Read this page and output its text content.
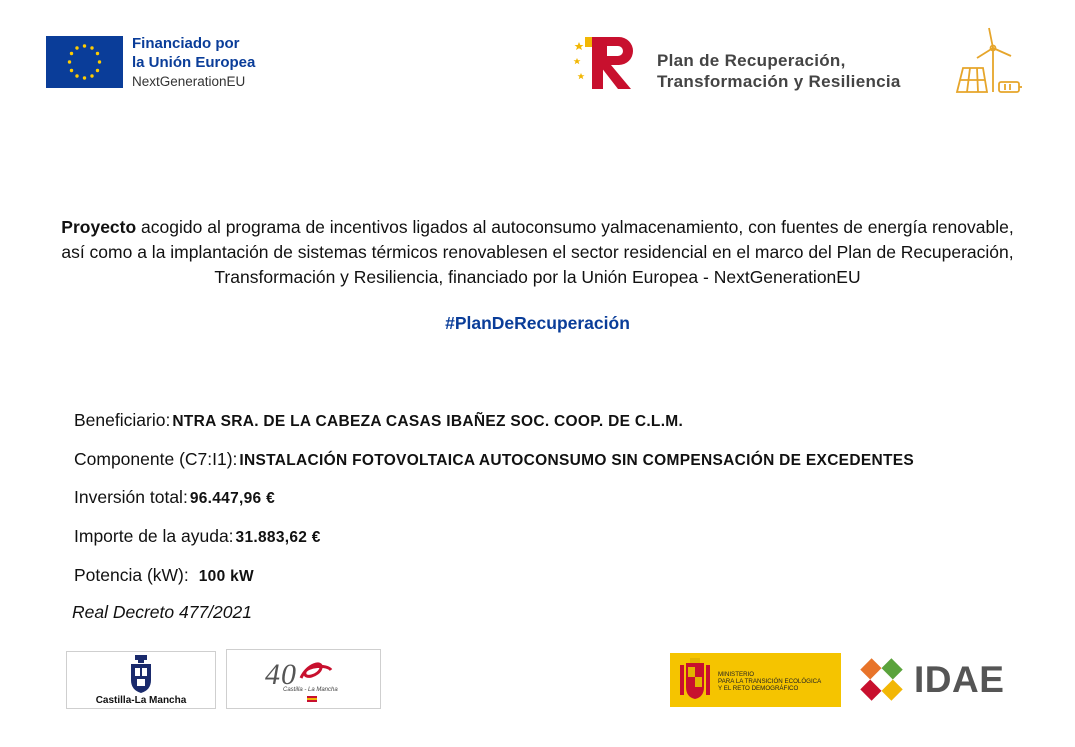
Financiado por
la Unión Europea
NextGenerationEU
Plan de Recuperación,
Transformación y Resiliencia
Proyecto acogido al programa de incentivos ligados al autoconsumo yalmacenamiento, con fuentes de energía renovable, así como a la implantación de sistemas térmicos renovablesen el sector residencial en el marco del Plan de Recuperación, Transformación y Resiliencia, financiado por la Unión Europea - NextGenerationEU
#PlanDeRecuperación
Beneficiario: NTRA SRA. DE LA CABEZA CASAS IBAÑEZ SOC. COOP. DE C.L.M.
Componente (C7:I1): INSTALACIÓN FOTOVOLTAICA AUTOCONSUMO SIN COMPENSACIÓN DE EXCEDENTES
Inversión total: 96.447,96 €
Importe de la ayuda: 31.883,62 €
Potencia (kW): 100 kW
Real Decreto 477/2021
Castilla-La Mancha
4 0
Castilla - La Mancha
MINISTERIO
PARA LA TRANSICIÓN ECOLÓGICA
Y EL RETO DEMOGRÁFICO	IDAE
